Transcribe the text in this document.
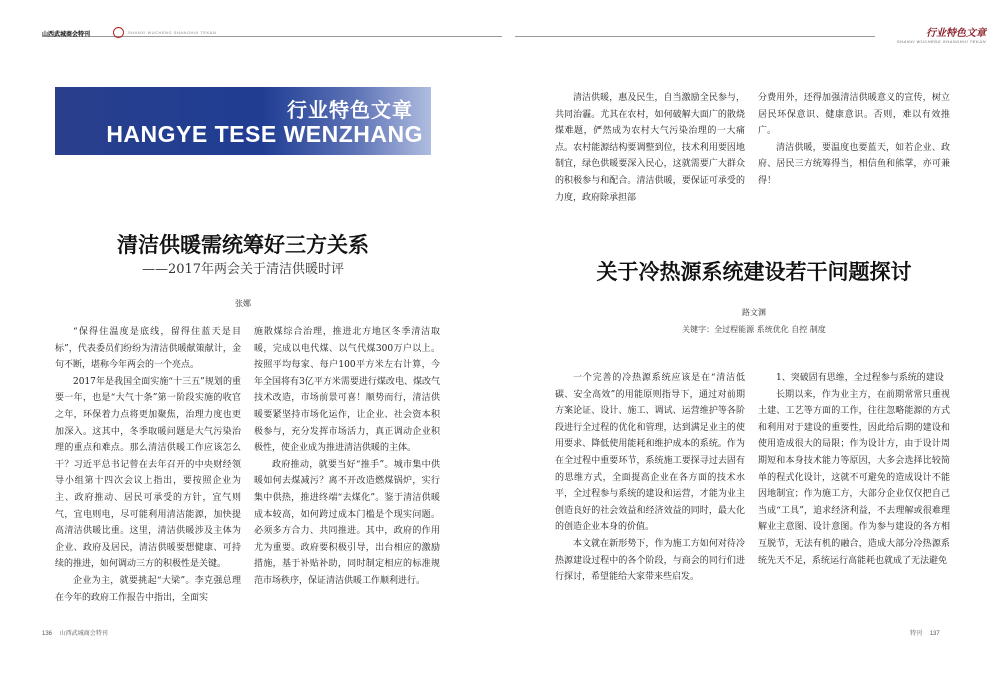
山西武城商会特刊	SHANXI WUCHENG SHANGHUI TEKAN	行业特色文章
SHANXI WUCHENG SHANGHUI TEKAN
行业特色文章
HANGYE TESE WENZHANG
清洁供暖需统筹好三方关系
——2017年两会关于清洁供暖时评
张娜

“保得住温度是底线，留得住蓝天是目标”，代表委员们纷纷为清洁供暖献策献计，金句不断，堪称今年两会的一个亮点。

2017年是我国全面实施“十三五”规划的重要一年，也是“大气十条”第一阶段实施的收官之年，环保着力点将更加聚焦，治理力度也更加深入。这其中，冬季取暖问题是大气污染治理的重点和难点。那么清洁供暖工作应该怎么干？习近平总书记曾在去年召开的中央财经领导小组第十四次会议上指出，要按照企业为主、政府推动、居民可承受的方针，宜气则气，宜电则电，尽可能利用清洁能源，加快提高清洁供暖比重。这里，清洁供暖涉及主体为企业、政府及居民，清洁供暖要想健康、可持续的推进，如何调动三方的积极性是关键。

企业为主，就要挑起“大梁”。李克强总理在今年的政府工作报告中指出，全面实

施散煤综合治理，推进北方地区冬季清洁取暖，完成以电代煤、以气代煤300万户以上。按照平均每家、每户100平方米左右计算，今年全国将有3亿平方米需要进行煤改电、煤改气技术改造，市场前景可喜！顺势而行，清洁供暖要紧坚持市场化运作，让企业、社会资本积极参与，充分发挥市场活力，真正调动企业积极性，使企业成为推进清洁供暖的主体。

政府推动，就要当好“推手”。城市集中供暖如何去煤减污？离不开改造燃煤锅炉，实行集中供热，推进终端“去煤化”。鉴于清洁供暖成本较高，如何跨过成本门槛是个现实问题。必须多方合力、共同推进。其中，政府的作用尤为重要。政府要积极引导，出台相应的激励措施，基于补贴补助，同时制定相应的标准规范市场秩序，保证清洁供暖工作顺利进行。

清洁供暖，惠及民生，自当激励全民参与，共同治霾。尤其在农村，如何破解大面广的散烧煤难题，俨然成为农村大气污染治理的一大痛点。农村能源结构要调整到位，技术利用要因地制宜，绿色供暖要深入民心，这就需要广大群众的积极参与和配合。清洁供暖，要保证可承受的力度，政府除承担部

分费用外，还得加强清洁供暖意义的宣传，树立居民环保意识、健康意识。否则，难以有效推广。

清洁供暖，要温度也要蓝天，如若企业、政府、居民三方统筹得当，相信鱼和熊掌，亦可兼得！

关于冷热源系统建设若干问题探讨
路文渊
关键字：全过程能源 系统优化 自控 制度

一个完善的冷热源系统应该是在“清洁低碳、安全高效”的用能原则指导下，通过对前期方案论证、设计、施工、调试、运营维护等各阶段进行全过程的优化和管理，达到满足业主的使用要求、降低使用能耗和维护成本的系统。作为在全过程中重要环节，系统施工要探寻过去固有的思维方式，全面提高企业在各方面的技术水平，全过程参与系统的建设和运营，才能为业主创造良好的社会效益和经济效益的同时，最大化的创造企业本身的价值。

本文就在新形势下，作为施工方如何对待冷热源建设过程中的各个阶段，与商会的同行们进行探讨，希望能给大家带来些启发。

1、突破固有思维，全过程参与系统的建设

长期以来，作为业主方，在前期常常只重视土建、工艺等方面的工作，往往忽略能源的方式和利用对于建设的重要性，因此给后期的建设和使用造成很大的局限；作为设计方，由于设计周期短和本身技术能力等原因，大多会选择比较简单的程式化设计，这就不可避免的造成设计不能因地制宜；作为施工方，大部分企业仅仅把自己当成“工具”，追求经济利益，不去理解或很难理解业主意图、设计意图。作为参与建设的各方相互脱节，无法有机的融合，造成大部分冷热源系统先天不足，系统运行高能耗也就成了无法避免

136 山西武城商会特刊	特刊 137
